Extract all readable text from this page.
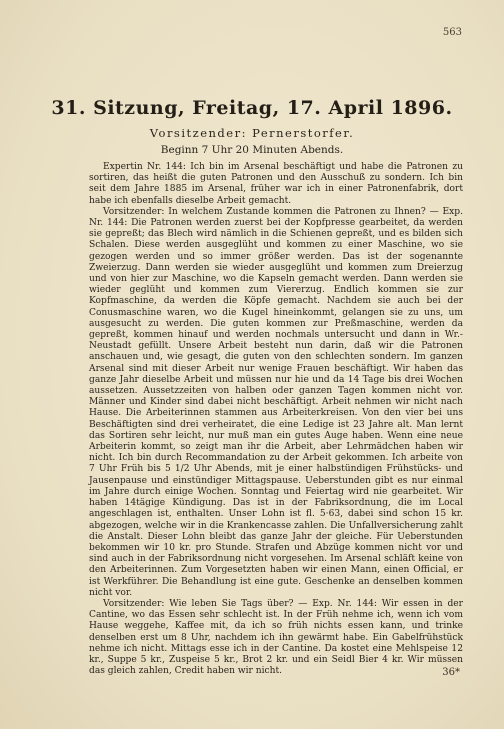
563
31. Sitzung, Freitag, 17. April 1896.
Vorsitzender: Pernerstorfer.
Beginn 7 Uhr 20 Minuten Abends.

Expertin Nr. 144: Ich bin im Arsenal beschäftigt und habe die Patronen zu sortiren, das heißt die guten Patronen und den Ausschuß zu sondern. Ich bin seit dem Jahre 1885 im Arsenal, früher war ich in einer Patronenfabrik, dort habe ich ebenfalls dieselbe Arbeit gemacht.

Vorsitzender: In welchem Zustande kommen die Patronen zu Ihnen? — Exp. Nr. 144: Die Patronen werden zuerst bei der Kopfpresse gearbeitet, da werden sie gepreßt; das Blech wird nämlich in die Schienen gepreßt, und es bilden sich Schalen. Diese werden ausgeglüht und kommen zu einer Maschine, wo sie gezogen werden und so immer größer werden. Das ist der sogenannte Zweierzug. Dann werden sie wieder ausgeglüht und kommen zum Dreierzug und von hier zur Maschine, wo die Kapseln gemacht werden. Dann werden sie wieder geglüht und kommen zum Viererzug. Endlich kommen sie zur Kopfmaschine, da werden die Köpfe gemacht. Nachdem sie auch bei der Conusmaschine waren, wo die Kugel hineinkommt, gelangen sie zu uns, um ausgesucht zu werden. Die guten kommen zur Preßmaschine, werden da gepreßt, kommen hinauf und werden nochmals untersucht und dann in Wr.-Neustadt gefüllt. Unsere Arbeit besteht nun darin, daß wir die Patronen anschauen und, wie gesagt, die guten von den schlechten sondern. Im ganzen Arsenal sind mit dieser Arbeit nur wenige Frauen beschäftigt. Wir haben das ganze Jahr dieselbe Arbeit und müssen nur hie und da 14 Tage bis drei Wochen aussetzen. Aussetzzeiten von halben oder ganzen Tagen kommen nicht vor. Männer und Kinder sind dabei nicht beschäftigt. Arbeit nehmen wir nicht nach Hause. Die Arbeiterinnen stammen aus Arbeiterkreisen. Von den vier bei uns Beschäftigten sind drei verheiratet, die eine Ledige ist 23 Jahre alt. Man lernt das Sortiren sehr leicht, nur muß man ein gutes Auge haben. Wenn eine neue Arbeiterin kommt, so zeigt man ihr die Arbeit, aber Lehrmädchen haben wir nicht. Ich bin durch Recommandation zu der Arbeit gekommen. Ich arbeite von 7 Uhr Früh bis 5 1/2 Uhr Abends, mit je einer halbstündigen Frühstücks- und Jausenpause und einstündiger Mittagspause. Ueberstunden gibt es nur einmal im Jahre durch einige Wochen. Sonntag und Feiertag wird nie gearbeitet. Wir haben 14tägige Kündigung. Das ist in der Fabriksordnung, die im Local angeschlagen ist, enthalten. Unser Lohn ist fl. 5·63, dabei sind schon 15 kr. abgezogen, welche wir in die Krankencasse zahlen. Die Unfallversicherung zahlt die Anstalt. Dieser Lohn bleibt das ganze Jahr der gleiche. Für Ueberstunden bekommen wir 10 kr. pro Stunde. Strafen und Abzüge kommen nicht vor und sind auch in der Fabriksordnung nicht vorgesehen. Im Arsenal schläft keine von den Arbeiterinnen. Zum Vorgesetzten haben wir einen Mann, einen Official, er ist Werkführer. Die Behandlung ist eine gute. Geschenke an denselben kommen nicht vor.

Vorsitzender: Wie leben Sie Tags über? — Exp. Nr. 144: Wir essen in der Cantine, wo das Essen sehr schlecht ist. In der Früh nehme ich, wenn ich vom Hause weggehe, Kaffee mit, da ich so früh nichts essen kann, und trinke denselben erst um 8 Uhr, nachdem ich ihn gewärmt habe. Ein Gabelfrühstück nehme ich nicht. Mittags esse ich in der Cantine. Da kostet eine Mehlspeise 12 kr., Suppe 5 kr., Zuspeise 5 kr., Brot 2 kr. und ein Seidl Bier 4 kr. Wir müssen das gleich zahlen, Credit haben wir nicht.	36*
